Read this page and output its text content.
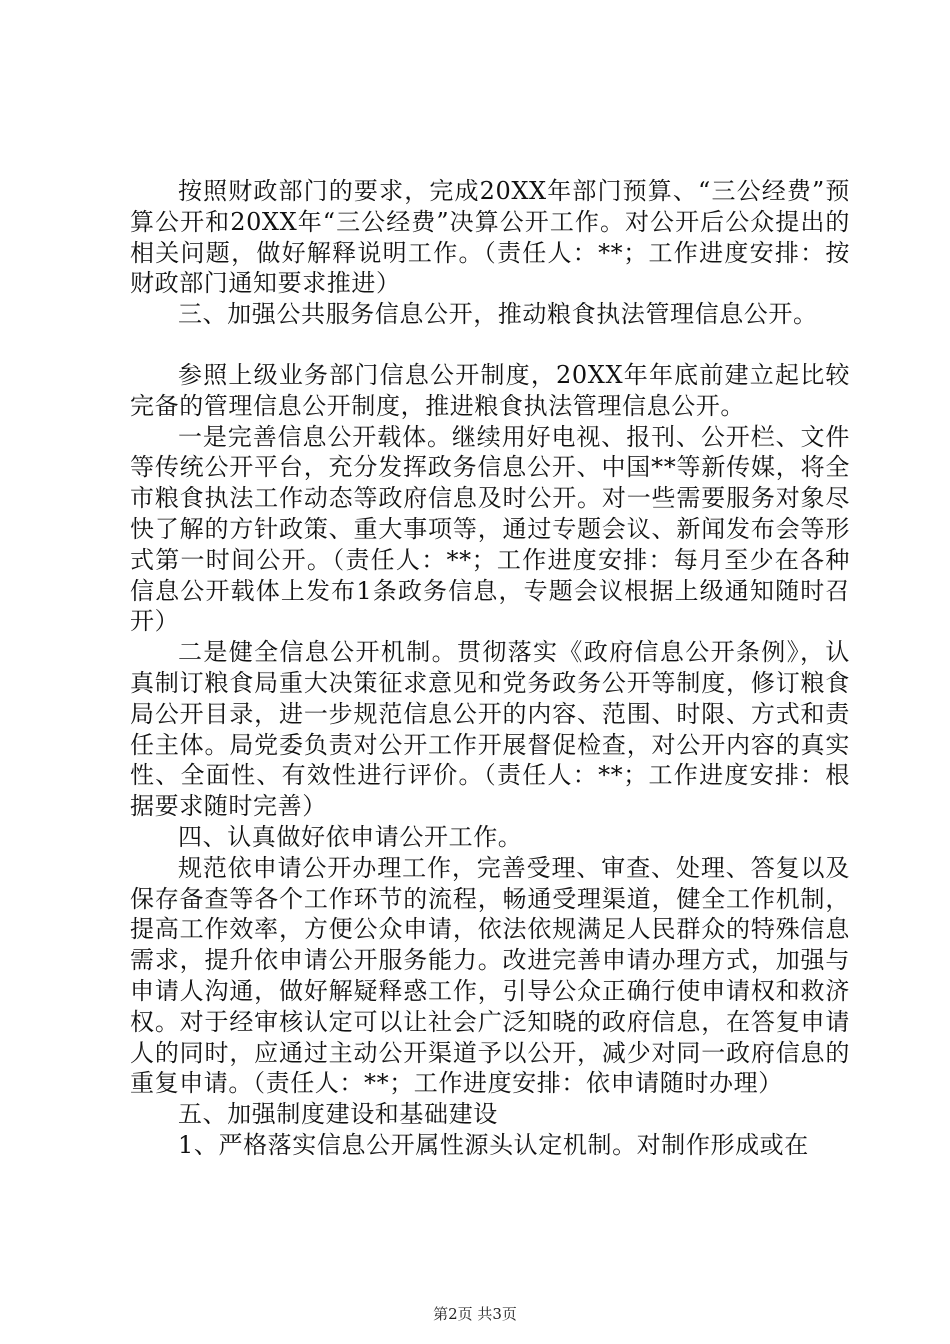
按照财政部门的要求，完成20XX年部门预算、“三公经费”预算公开和20XX年“三公经费”决算公开工作。对公开后公众提出的相关问题，做好解释说明工作。（责任人：**；工作进度安排：按财政部门通知要求推进）

三、加强公共服务信息公开，推动粮食执法管理信息公开。

参照上级业务部门信息公开制度，20XX年年底前建立起比较完备的管理信息公开制度，推进粮食执法管理信息公开。

一是完善信息公开载体。继续用好电视、报刊、公开栏、文件等传统公开平台，充分发挥政务信息公开、中国**等新传媒，将全市粮食执法工作动态等政府信息及时公开。对一些需要服务对象尽快了解的方针政策、重大事项等，通过专题会议、新闻发布会等形式第一时间公开。（责任人：**；工作进度安排：每月至少在各种信息公开载体上发布1条政务信息，专题会议根据上级通知随时召开）

二是健全信息公开机制。贯彻落实《政府信息公开条例》，认真制订粮食局重大决策征求意见和党务政务公开等制度，修订粮食局公开目录，进一步规范信息公开的内容、范围、时限、方式和责任主体。局党委负责对公开工作开展督促检查，对公开内容的真实性、全面性、有效性进行评价。（责任人：**；工作进度安排：根据要求随时完善）

四、认真做好依申请公开工作。

规范依申请公开办理工作，完善受理、审查、处理、答复以及保存备查等各个工作环节的流程，畅通受理渠道，健全工作机制，提高工作效率，方便公众申请，依法依规满足人民群众的特殊信息需求，提升依申请公开服务能力。改进完善申请办理方式，加强与申请人沟通，做好解疑释惑工作，引导公众正确行使申请权和救济权。对于经审核认定可以让社会广泛知晓的政府信息，在答复申请人的同时，应通过主动公开渠道予以公开，减少对同一政府信息的重复申请。（责任人：**；工作进度安排：依申请随时办理）

五、加强制度建设和基础建设

1、严格落实信息公开属性源头认定机制。对制作形成或在

第2页 共3页
